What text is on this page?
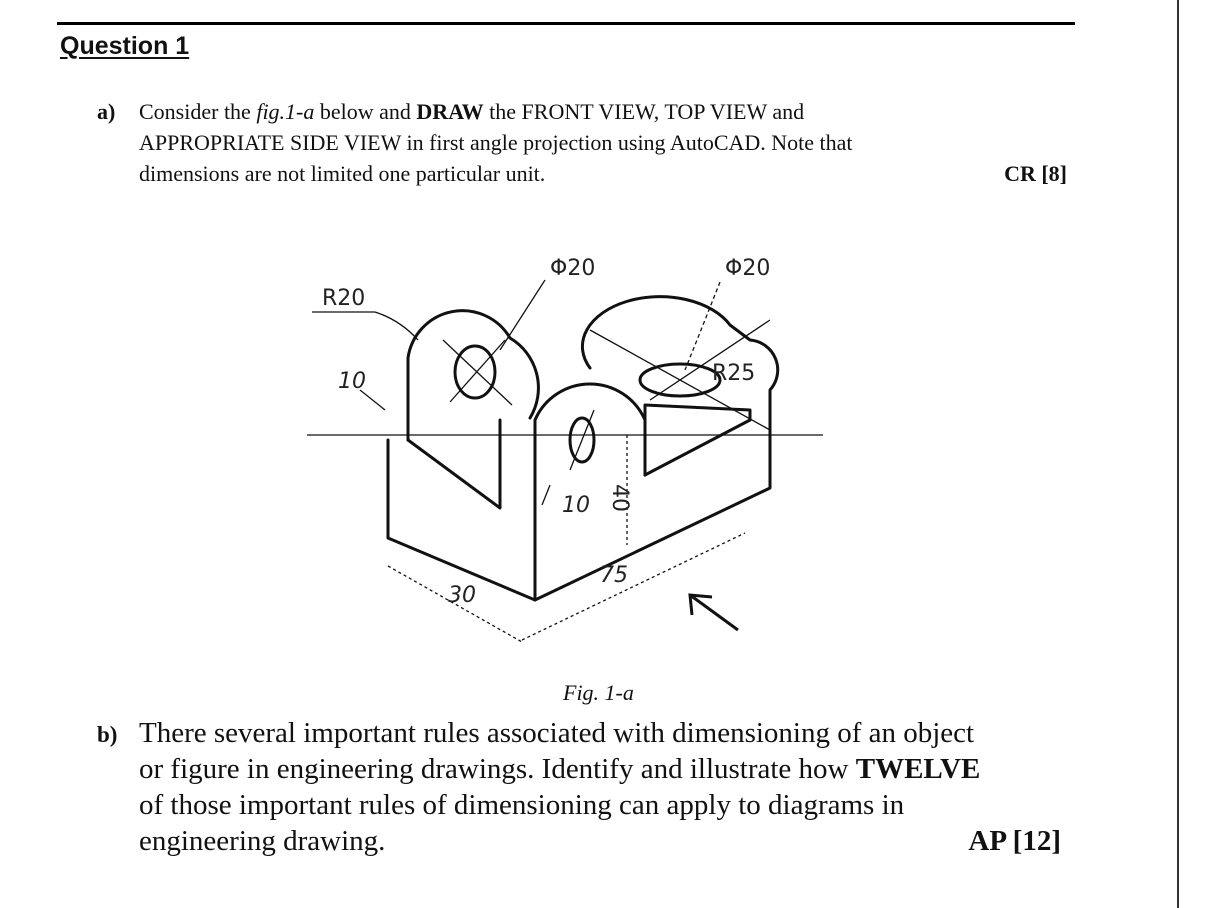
Question 1
a) Consider the fig.1-a below and DRAW the FRONT VIEW, TOP VIEW and
APPROPRIATE SIDE VIEW in first angle projection using AutoCAD. Note that
dimensions are not limited one particular unit.	CR [8]
R20
Φ20	Φ20
10
10 40
R25
30
75
Fig. 1-a
b) There several important rules associated with dimensioning of an object
or figure in engineering drawings. Identify and illustrate how TWELVE
of those important rules of dimensioning can apply to diagrams in
engineering drawing.	AP [12]
